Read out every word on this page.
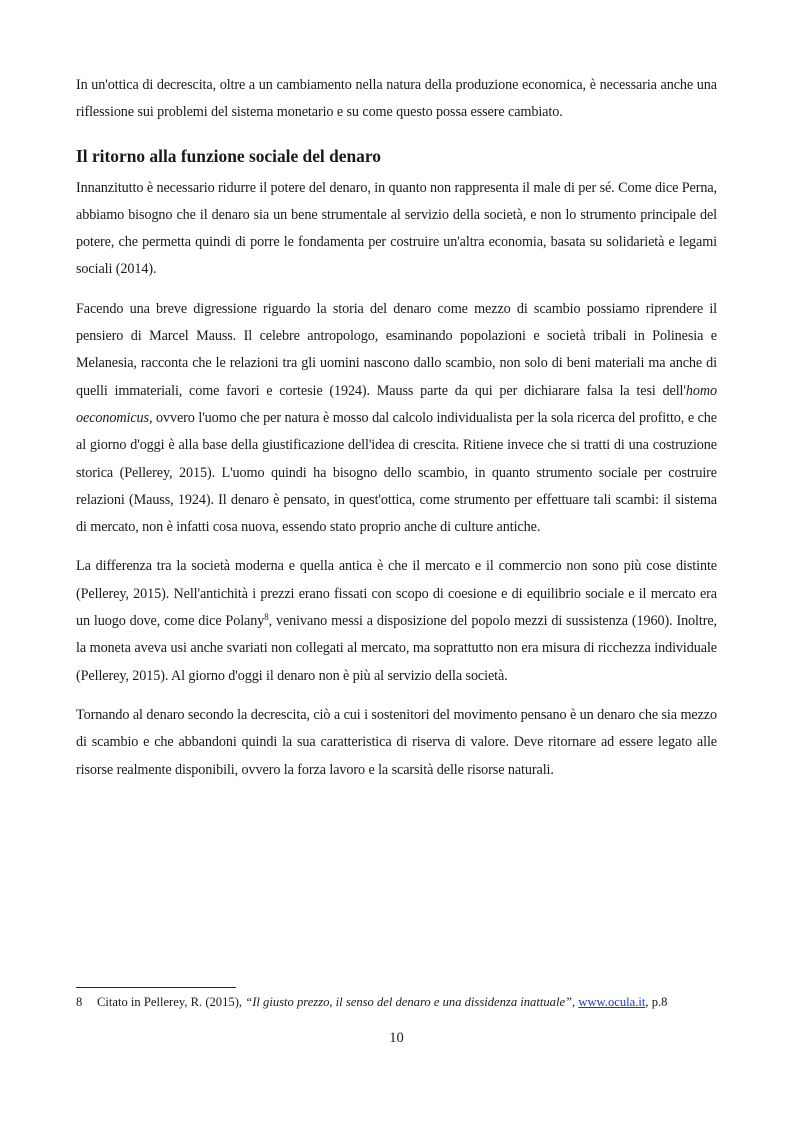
In un'ottica di decrescita, oltre a un cambiamento nella natura della produzione economica, è necessaria anche una riflessione sui problemi del sistema monetario e su come questo possa essere cambiato.

Il ritorno alla funzione sociale del denaro

Innanzitutto è necessario ridurre il potere del denaro, in quanto non rappresenta il male di per sé. Come dice Perna, abbiamo bisogno che il denaro sia un bene strumentale al servizio della società, e non lo strumento principale del potere, che permetta quindi di porre le fondamenta per costruire un'altra economia, basata su solidarietà e legami sociali (2014).

Facendo una breve digressione riguardo la storia del denaro come mezzo di scambio possiamo riprendere il pensiero di Marcel Mauss. Il celebre antropologo, esaminando popolazioni e società tribali in Polinesia e Melanesia, racconta che le relazioni tra gli uomini nascono dallo scambio, non solo di beni materiali ma anche di quelli immateriali, come favori e cortesie (1924). Mauss parte da qui per dichiarare falsa la tesi dell'homo oeconomicus, ovvero l'uomo che per natura è mosso dal calcolo individualista per la sola ricerca del profitto, e che al giorno d'oggi è alla base della giustificazione dell'idea di crescita. Ritiene invece che si tratti di una costruzione storica (Pellerey, 2015). L'uomo quindi ha bisogno dello scambio, in quanto strumento sociale per costruire relazioni (Mauss, 1924). Il denaro è pensato, in quest'ottica, come strumento per effettuare tali scambi: il sistema di mercato, non è infatti cosa nuova, essendo stato proprio anche di culture antiche.

La differenza tra la società moderna e quella antica è che il mercato e il commercio non sono più cose distinte (Pellerey, 2015). Nell'antichità i prezzi erano fissati con scopo di coesione e di equilibrio sociale e il mercato era un luogo dove, come dice Polany$^8$, venivano messi a disposizione del popolo mezzi di sussistenza (1960). Inoltre, la moneta aveva usi anche svariati non collegati al mercato, ma soprattutto non era misura di ricchezza individuale (Pellerey, 2015). Al giorno d'oggi il denaro non è più al servizio della società.

Tornando al denaro secondo la decrescita, ciò a cui i sostenitori del movimento pensano è un denaro che sia mezzo di scambio e che abbandoni quindi la sua caratteristica di riserva di valore. Deve ritornare ad essere legato alle risorse realmente disponibili, ovvero la forza lavoro e la scarsità delle risorse naturali.

8 Citato in Pellerey, R. (2015), “Il giusto prezzo, il senso del denaro e una dissidenza inattuale”, www.ocula.it, p.8
10
